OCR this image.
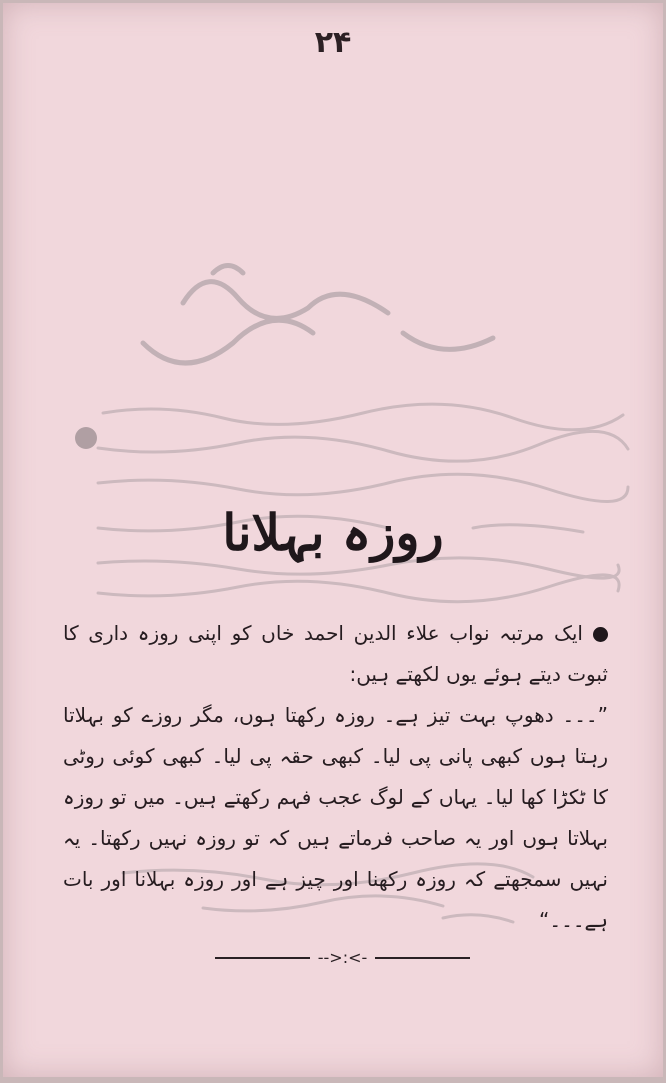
۲۴
روزہ بہلانا

ایک مرتبہ نواب علاء الدین احمد خاں کو اپنی روزہ داری کا ثبوت دیتے ہوئے یوں لکھتے ہیں:

”۔۔۔ دھوپ بہت تیز ہے۔ روزہ رکھتا ہوں، مگر روزے کو بہلاتا رہتا ہوں کبھی پانی پی لیا۔ کبھی حقہ پی لیا۔ کبھی کوئی روٹی کا ٹکڑا کھا لیا۔ یہاں کے لوگ عجب فہم رکھتے ہیں۔ میں تو روزہ بہلاتا ہوں اور یہ صاحب فرماتے ہیں کہ تو روزہ نہیں رکھتا۔ یہ نہیں سمجھتے کہ روزہ رکھنا اور چیز ہے اور روزہ بہلانا اور بات ہے۔۔۔“

-->:<-
